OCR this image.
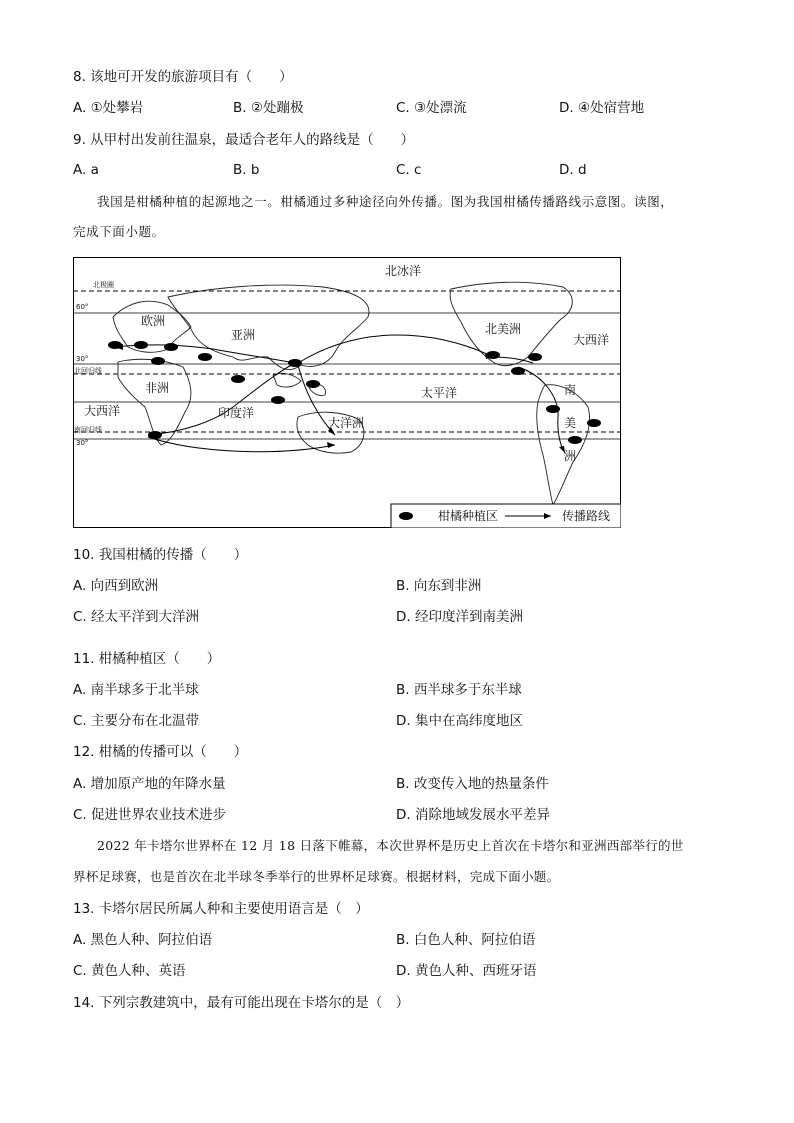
8. 该地可开发的旅游项目有（　　）
A. ①处攀岩	B. ②处蹦极	C. ③处漂流	D. ④处宿营地
9. 从甲村出发前往温泉，最适合老年人的路线是（　　）
A. a	B. b	C. c	D. d
我国是柑橘种植的起源地之一。柑橘通过多种途径向外传播。图为我国柑橘传播路线示意图。读图，
完成下面小题。
北冰洋
北极圈
60°
欧洲
亚洲
30°
北回归线
非洲
北美洲
大西洋
太平洋
大西洋	印度洋
大洋洲
南回归线
30°
南
美
洲
柑橘种植区	传播路线
10. 我国柑橘的传播（　　）
A. 向西到欧洲	B. 向东到非洲
C. 经太平洋到大洋洲	D. 经印度洋到南美洲
11. 柑橘种植区（　　）
A. 南半球多于北半球	B. 西半球多于东半球
C. 主要分布在北温带	D. 集中在高纬度地区
12. 柑橘的传播可以（　　）
A. 增加原产地的年降水量	B. 改变传入地的热量条件
C. 促进世界农业技术进步	D. 消除地域发展水平差异
2022 年卡塔尔世界杯在 12 月 18 日落下帷幕，本次世界杯是历史上首次在卡塔尔和亚洲西部举行的世
界杯足球赛，也是首次在北半球冬季举行的世界杯足球赛。根据材料，完成下面小题。
13. 卡塔尔居民所属人种和主要使用语言是（　）
A. 黑色人种、阿拉伯语	B. 白色人种、阿拉伯语
C. 黄色人种、英语	D. 黄色人种、西班牙语
14. 下列宗教建筑中，最有可能出现在卡塔尔的是（　）
